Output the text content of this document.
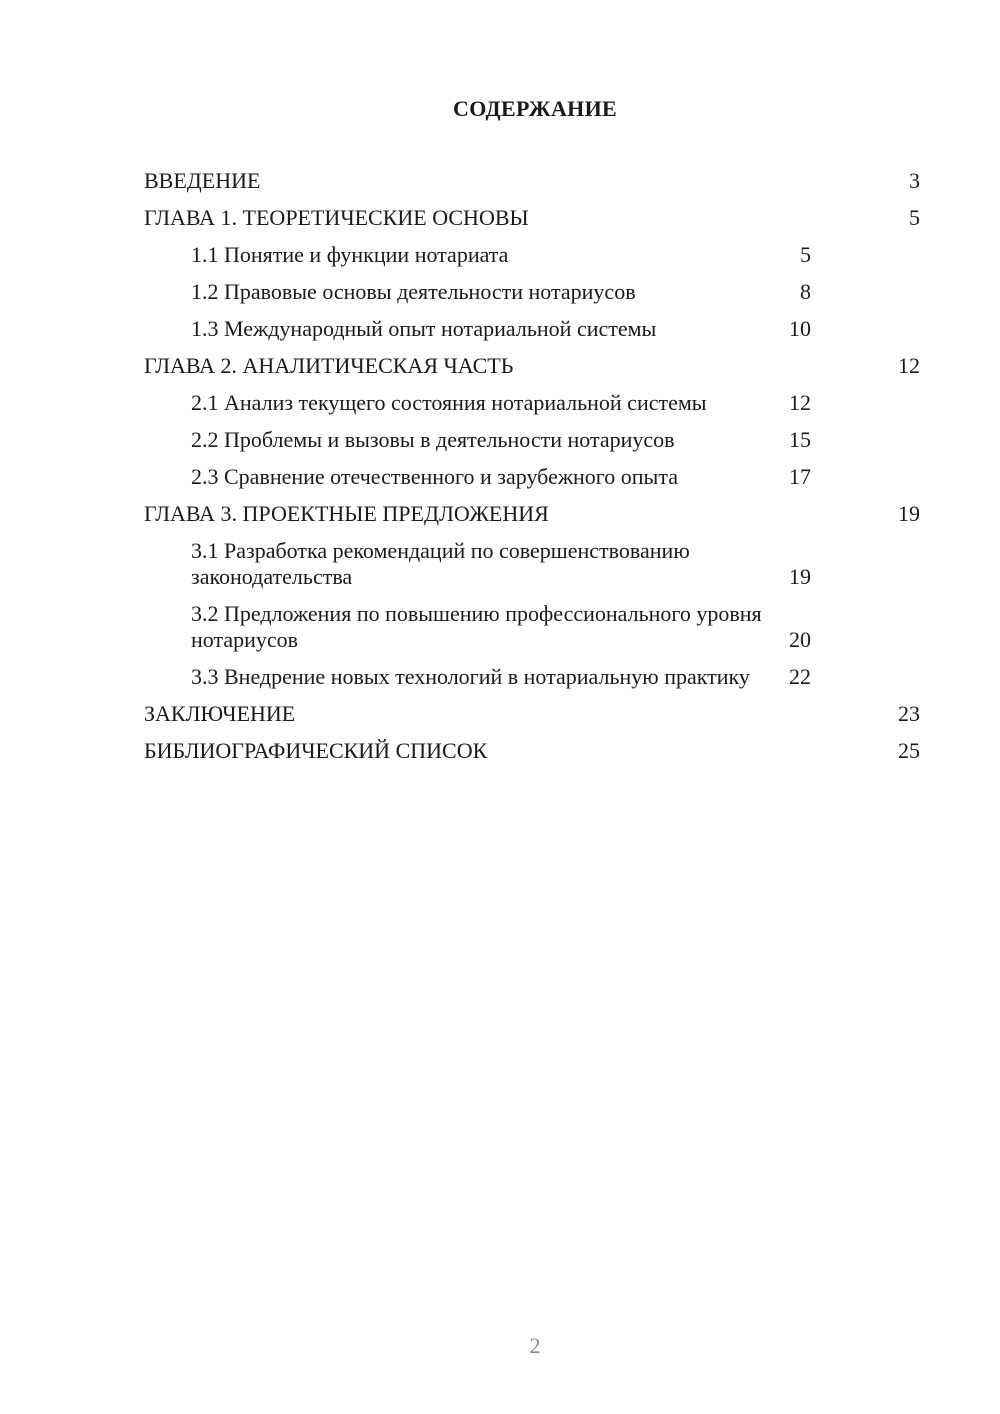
СОДЕРЖАНИЕ
ВВЕДЕНИЕ	3
ГЛАВА 1. ТЕОРЕТИЧЕСКИЕ ОСНОВЫ	5
1.1 Понятие и функции нотариата	5
1.2 Правовые основы деятельности нотариусов	8
1.3 Международный опыт нотариальной системы	10
ГЛАВА 2. АНАЛИТИЧЕСКАЯ ЧАСТЬ	12
2.1 Анализ текущего состояния нотариальной системы	12
2.2 Проблемы и вызовы в деятельности нотариусов	15
2.3 Сравнение отечественного и зарубежного опыта	17
ГЛАВА 3. ПРОЕКТНЫЕ ПРЕДЛОЖЕНИЯ	19
3.1 Разработка рекомендаций по совершенствованию законодательства	19
3.2 Предложения по повышению профессионального уровня нотариусов	20
3.3 Внедрение новых технологий в нотариальную практику	22
ЗАКЛЮЧЕНИЕ	23
БИБЛИОГРАФИЧЕСКИЙ СПИСОК	25
2
